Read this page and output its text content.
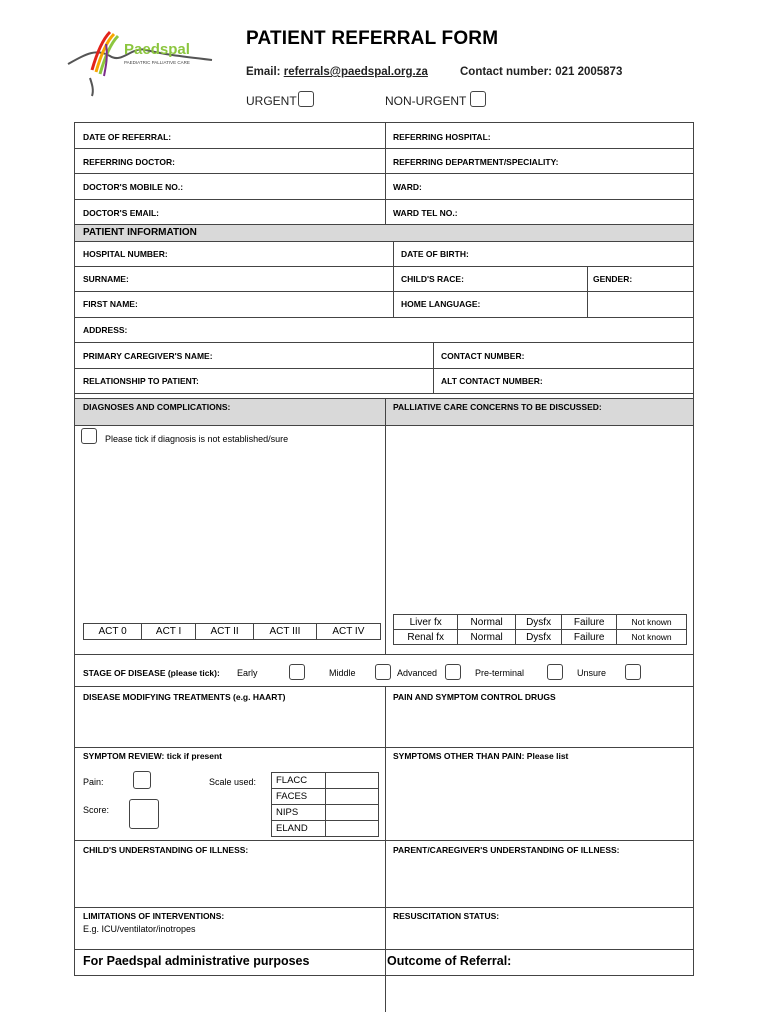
Paedspal
PAEDIATRIC PALLIATIVE CARE
PATIENT REFERRAL FORM
Email: referrals@paedspal.org.za	Contact number: 021 2005873
URGENT	NON-URGENT
DATE OF REFERRAL:	REFERRING HOSPITAL:
REFERRING DOCTOR:	REFERRING DEPARTMENT/SPECIALITY:
DOCTOR'S MOBILE NO.:	WARD:
DOCTOR'S EMAIL:	WARD TEL NO.:
PATIENT INFORMATION
HOSPITAL NUMBER:	DATE OF BIRTH:
SURNAME:	CHILD'S RACE:	GENDER:
FIRST NAME:	HOME LANGUAGE:
ADDRESS:
PRIMARY CAREGIVER'S NAME:	CONTACT NUMBER:
RELATIONSHIP TO PATIENT:	ALT CONTACT NUMBER:
DIAGNOSES AND COMPLICATIONS:	PALLIATIVE CARE CONCERNS TO BE DISCUSSED:
Please tick if diagnosis is not established/sure
ACT 0	ACT I	ACT II	ACT III	ACT IV
Liver fx	Normal	Dysfx	Failure	Not known
Renal fx	Normal	Dysfx	Failure	Not known
STAGE OF DISEASE (please tick): Early	Middle	Advanced	Pre-terminal	Unsure
DISEASE MODIFYING TREATMENTS (e.g. HAART)	PAIN AND SYMPTOM CONTROL DRUGS
SYMPTOM REVIEW: tick if present	SYMPTOMS OTHER THAN PAIN: Please list
Pain:	Scale used:
Score:
FLACC	
FACES	
NIPS	
ELAND	
CHILD'S UNDERSTANDING OF ILLNESS:	PARENT/CAREGIVER'S UNDERSTANDING OF ILLNESS:
LIMITATIONS OF INTERVENTIONS:
E.g. ICU/ventilator/inotropes
RESUSCITATION STATUS:
For Paedspal administrative purposes	Outcome of Referral:
